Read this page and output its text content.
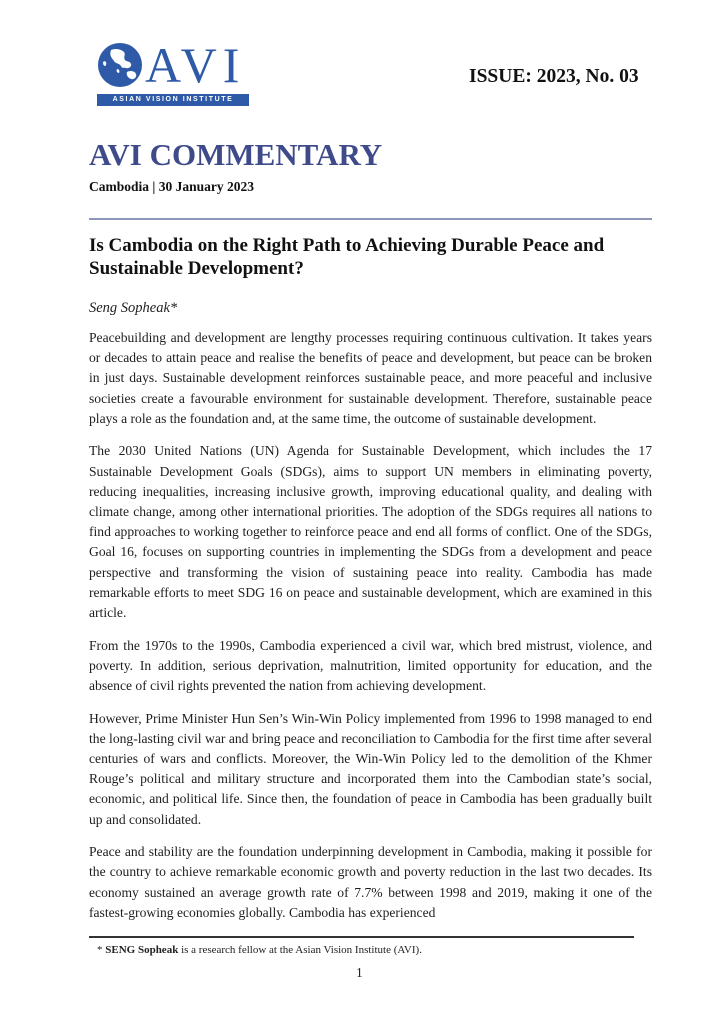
AVI
ASIAN VISION INSTITUTE
ISSUE: 2023, No. 03
AVI COMMENTARY
Cambodia | 30 January 2023
Is Cambodia on the Right Path to Achieving Durable Peace and Sustainable Development?
Seng Sopheak*

Peacebuilding and development are lengthy processes requiring continuous cultivation. It takes years or decades to attain peace and realise the benefits of peace and development, but peace can be broken in just days. Sustainable development reinforces sustainable peace, and more peaceful and inclusive societies create a favourable environment for sustainable development. Therefore, sustainable peace plays a role as the foundation and, at the same time, the outcome of sustainable development.

The 2030 United Nations (UN) Agenda for Sustainable Development, which includes the 17 Sustainable Development Goals (SDGs), aims to support UN members in eliminating poverty, reducing inequalities, increasing inclusive growth, improving educational quality, and dealing with climate change, among other international priorities. The adoption of the SDGs requires all nations to find approaches to working together to reinforce peace and end all forms of conflict. One of the SDGs, Goal 16, focuses on supporting countries in implementing the SDGs from a development and peace perspective and transforming the vision of sustaining peace into reality. Cambodia has made remarkable efforts to meet SDG 16 on peace and sustainable development, which are examined in this article.

From the 1970s to the 1990s, Cambodia experienced a civil war, which bred mistrust, violence, and poverty. In addition, serious deprivation, malnutrition, limited opportunity for education, and the absence of civil rights prevented the nation from achieving development.

However, Prime Minister Hun Sen’s Win-Win Policy implemented from 1996 to 1998 managed to end the long-lasting civil war and bring peace and reconciliation to Cambodia for the first time after several centuries of wars and conflicts. Moreover, the Win-Win Policy led to the demolition of the Khmer Rouge’s political and military structure and incorporated them into the Cambodian state’s social, economic, and political life. Since then, the foundation of peace in Cambodia has been gradually built up and consolidated.

Peace and stability are the foundation underpinning development in Cambodia, making it possible for the country to achieve remarkable economic growth and poverty reduction in the last two decades. Its economy sustained an average growth rate of 7.7% between 1998 and 2019, making it one of the fastest-growing economies globally. Cambodia has experienced

* SENG Sopheak is a research fellow at the Asian Vision Institute (AVI).
1
